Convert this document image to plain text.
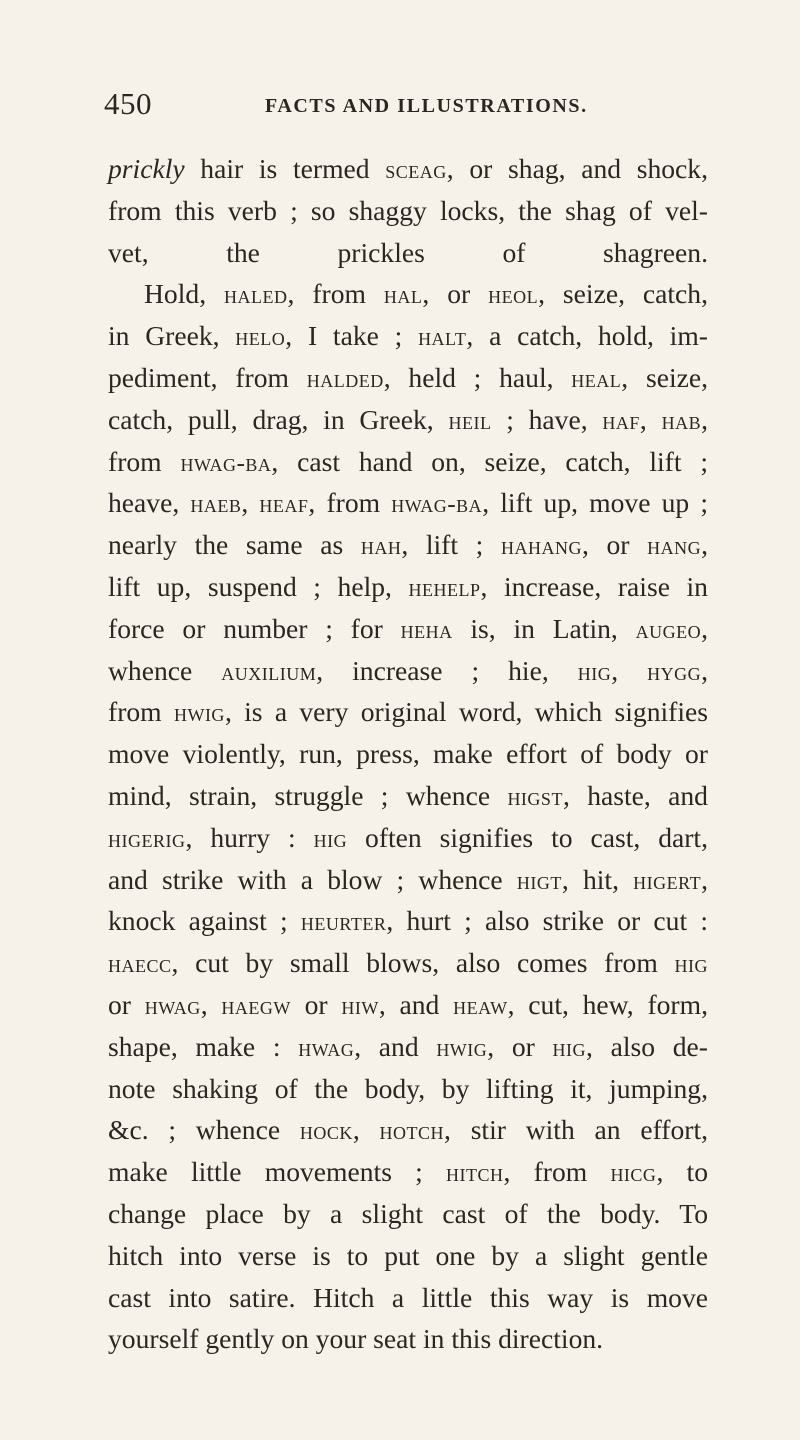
450	FACTS AND ILLUSTRATIONS.
prickly hair is termed sceag, or shag, and shock,
from this verb ; so shaggy locks, the shag of vel-
vet, the prickles of shagreen.
Hold, haled, from hal, or heol, seize, catch,
in Greek, helo, I take ; halt, a catch, hold, im-
pediment, from halded, held ; haul, heal, seize,
catch, pull, drag, in Greek, heil ; have, haf, hab,
from hwag-ba, cast hand on, seize, catch, lift ;
heave, haeb, heaf, from hwag-ba, lift up, move up ;
nearly the same as hah, lift ; hahang, or hang,
lift up, suspend ; help, hehelp, increase, raise in
force or number ; for heha is, in Latin, augeo,
whence auxilium, increase ; hie, hig, hygg,
from hwig, is a very original word, which signifies
move violently, run, press, make effort of body or
mind, strain, struggle ; whence higst, haste, and
higerig, hurry : hig often signifies to cast, dart,
and strike with a blow ; whence higt, hit, higert,
knock against ; heurter, hurt ; also strike or cut :
haecc, cut by small blows, also comes from hig
or hwag, haegw or hiw, and heaw, cut, hew, form,
shape, make : hwag, and hwig, or hig, also de-
note shaking of the body, by lifting it, jumping,
&c. ; whence hock, hotch, stir with an effort,
make little movements ; hitch, from hicg, to
change place by a slight cast of the body. To
hitch into verse is to put one by a slight gentle
cast into satire. Hitch a little this way is move
yourself gently on your seat in this direction.
